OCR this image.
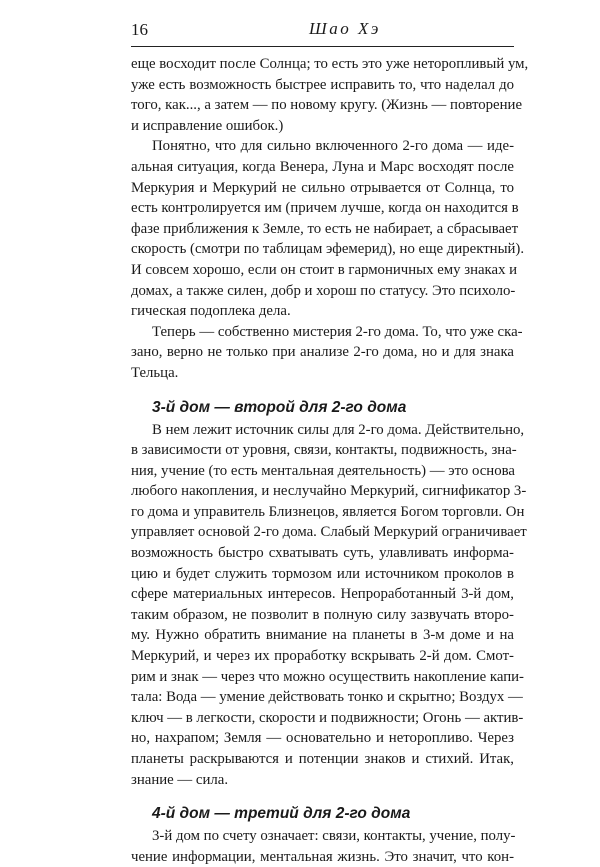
16	Шао Хэ
еще восходит после Солнца; то есть это уже неторопливый ум,
уже есть возможность быстрее исправить то, что наделал до
того, как..., а затем — по новому кругу. (Жизнь — повторение
и исправление ошибок.)
Понятно, что для сильно включенного 2-го дома — иде-
альная ситуация, когда Венера, Луна и Марс восходят после
Меркурия и Меркурий не сильно отрывается от Солнца, то
есть контролируется им (причем лучше, когда он находится в
фазе приближения к Земле, то есть не набирает, а сбрасывает
скорость (смотри по таблицам эфемерид), но еще директный).
И совсем хорошо, если он стоит в гармоничных ему знаках и
домах, а также силен, добр и хорош по статусу. Это психоло-
гическая подоплека дела.
Теперь — собственно мистерия 2-го дома. То, что уже ска-
зано, верно не только при анализе 2-го дома, но и для знака
Тельца.
3-й дом — второй для 2-го дома
В нем лежит источник силы для 2-го дома. Действительно,
в зависимости от уровня, связи, контакты, подвижность, зна-
ния, учение (то есть ментальная деятельность) — это основа
любого накопления, и неслучайно Меркурий, сигнификатор 3-
го дома и управитель Близнецов, является Богом торговли. Он
управляет основой 2-го дома. Слабый Меркурий ограничивает
возможность быстро схватывать суть, улавливать информа-
цию и будет служить тормозом или источником проколов в
сфере материальных интересов. Непроработанный 3-й дом,
таким образом, не позволит в полную силу зазвучать второ-
му. Нужно обратить внимание на планеты в 3-м доме и на
Меркурий, и через их проработку вскрывать 2-й дом. Смот-
рим и знак — через что можно осуществить накопление капи-
тала: Вода — умение действовать тонко и скрытно; Воздух —
ключ — в легкости, скорости и подвижности; Огонь — актив-
но, нахрапом; Земля — основательно и неторопливо. Через
планеты раскрываются и потенции знаков и стихий. Итак,
знание — сила.
4-й дом — третий для 2-го дома
3-й дом по счету означает: связи, контакты, учение, полу-
чение информации, ментальная жизнь. Это значит, что кон-
